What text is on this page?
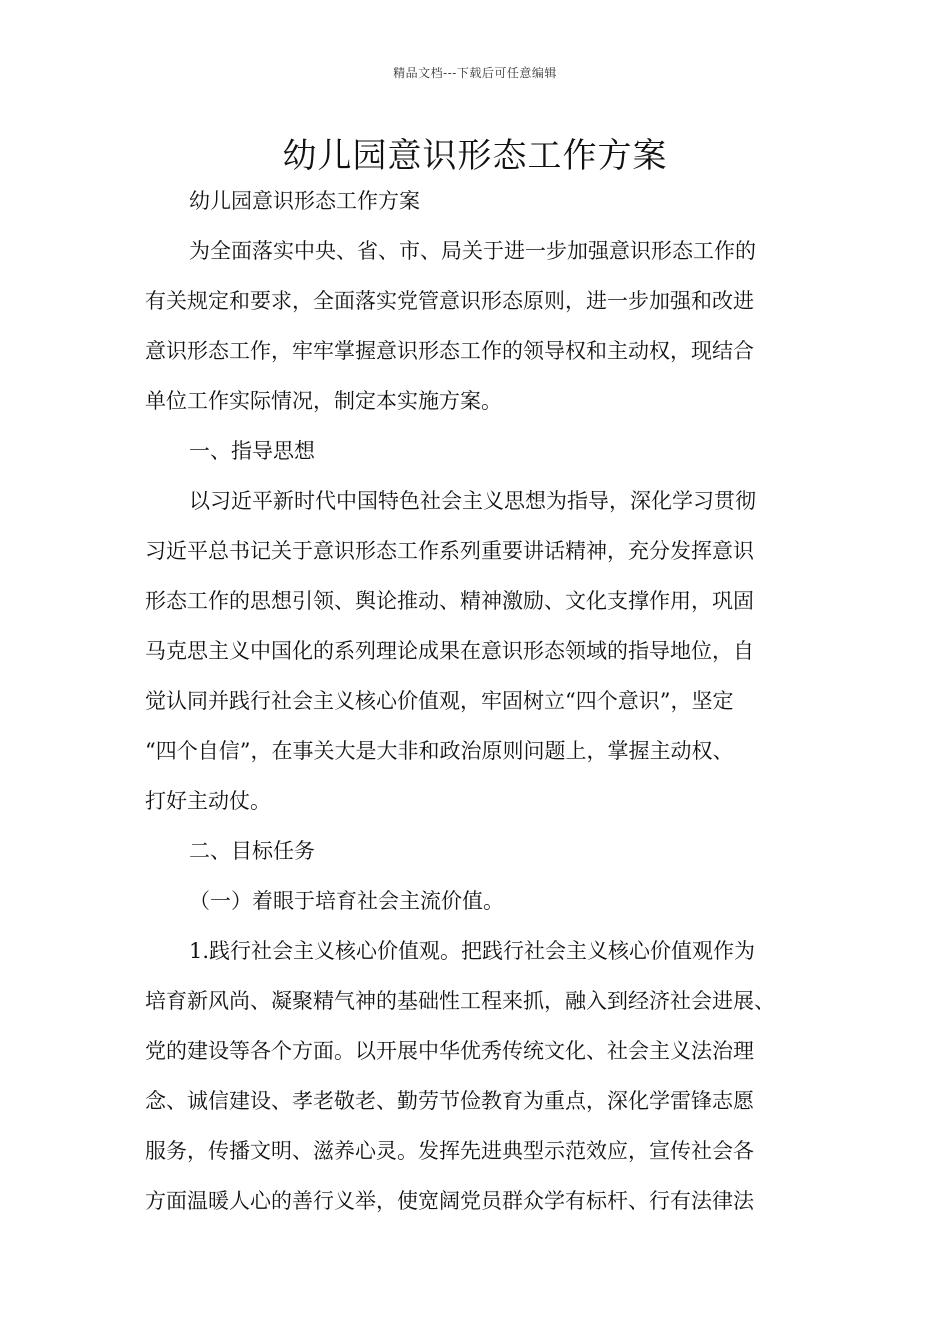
精品文档---下载后可任意编辑
幼儿园意识形态工作方案
幼儿园意识形态工作方案
为全面落实中央、省、市、局关于进一步加强意识形态工作的
有关规定和要求，全面落实党管意识形态原则，进一步加强和改进
意识形态工作，牢牢掌握意识形态工作的领导权和主动权，现结合
单位工作实际情况，制定本实施方案。
一、指导思想
以习近平新时代中国特色社会主义思想为指导，深化学习贯彻
习近平总书记关于意识形态工作系列重要讲话精神，充分发挥意识
形态工作的思想引领、舆论推动、精神激励、文化支撑作用，巩固
马克思主义中国化的系列理论成果在意识形态领域的指导地位，自
觉认同并践行社会主义核心价值观，牢固树立“四个意识”，坚定
“四个自信”，在事关大是大非和政治原则问题上，掌握主动权、
打好主动仗。
二、目标任务
（一）着眼于培育社会主流价值。
1.践行社会主义核心价值观。把践行社会主义核心价值观作为
培育新风尚、凝聚精气神的基础性工程来抓，融入到经济社会进展、
党的建设等各个方面。以开展中华优秀传统文化、社会主义法治理
念、诚信建设、孝老敬老、勤劳节俭教育为重点，深化学雷锋志愿
服务，传播文明、滋养心灵。发挥先进典型示范效应，宣传社会各
方面温暖人心的善行义举，使宽阔党员群众学有标杆、行有法律法
